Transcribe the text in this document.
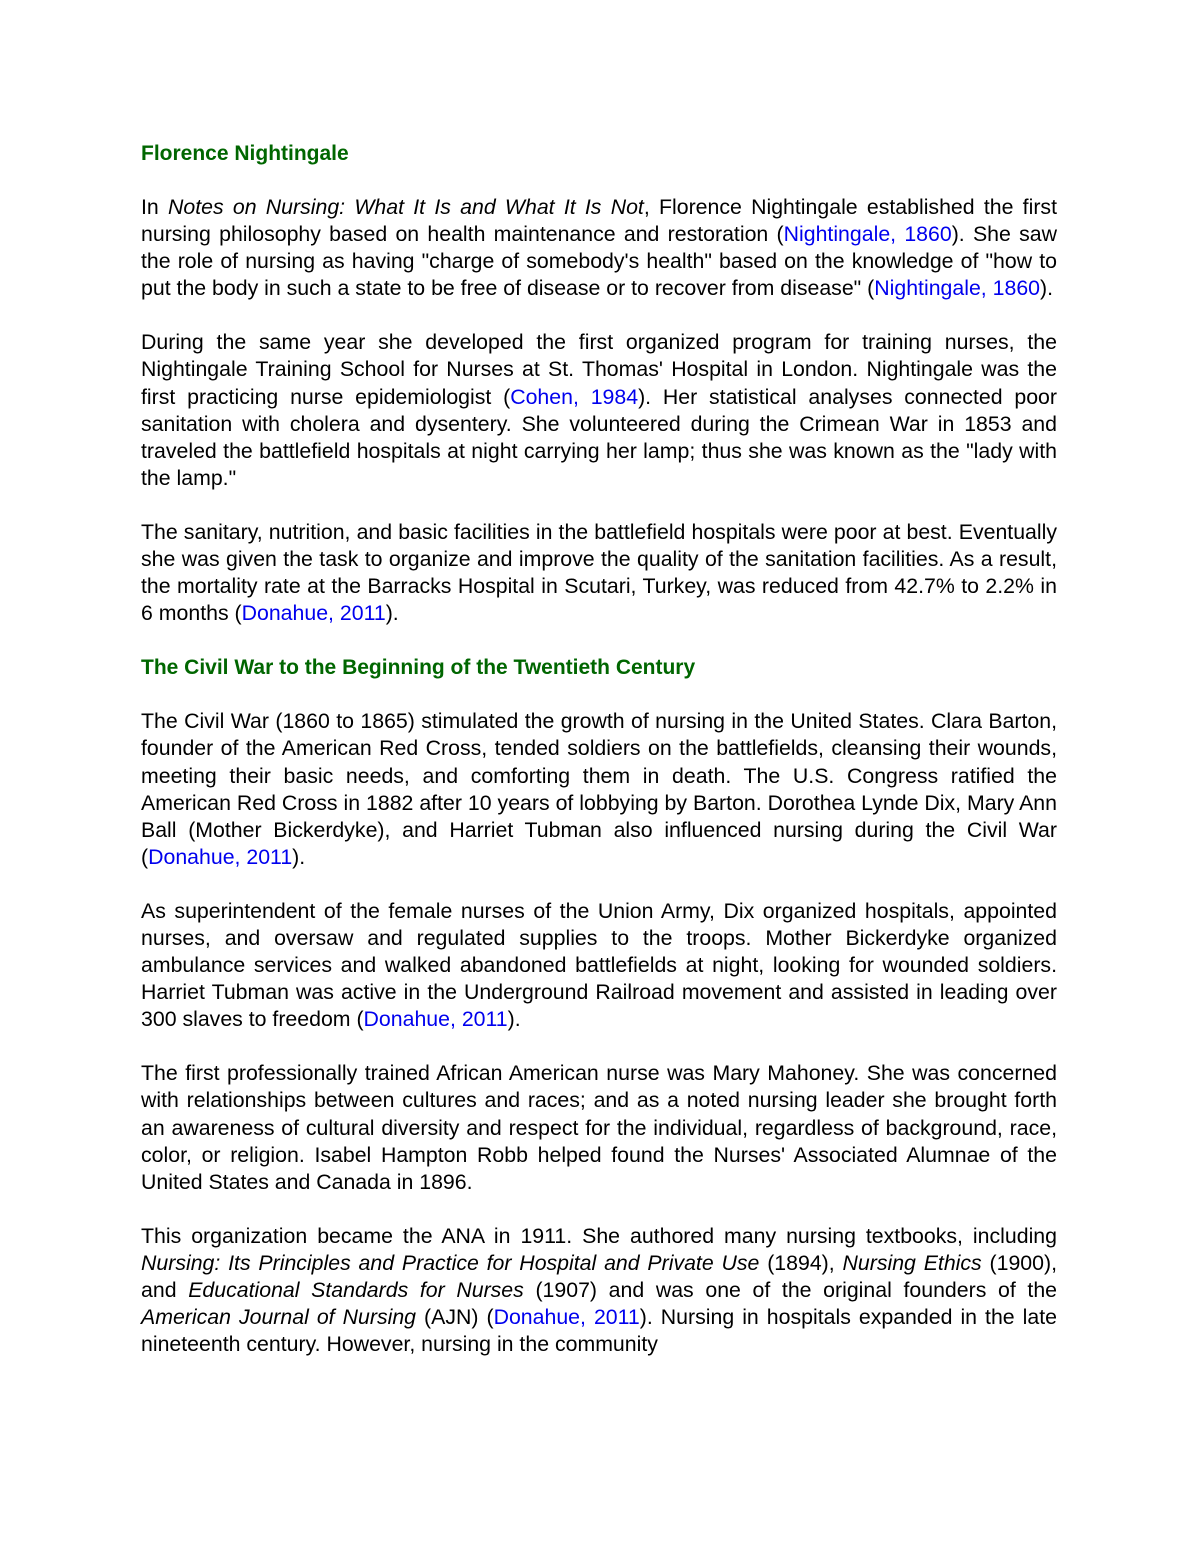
Florence Nightingale

In Notes on Nursing: What It Is and What It Is Not, Florence Nightingale established the first nursing philosophy based on health maintenance and restoration (Nightingale, 1860). She saw the role of nursing as having "charge of somebody's health" based on the knowledge of "how to put the body in such a state to be free of disease or to recover from disease" (Nightingale, 1860).

During the same year she developed the first organized program for training nurses, the Nightingale Training School for Nurses at St. Thomas' Hospital in London. Nightingale was the first practicing nurse epidemiologist (Cohen, 1984). Her statistical analyses connected poor sanitation with cholera and dysentery. She volunteered during the Crimean War in 1853 and traveled the battlefield hospitals at night carrying her lamp; thus she was known as the "lady with the lamp."

The sanitary, nutrition, and basic facilities in the battlefield hospitals were poor at best. Eventually she was given the task to organize and improve the quality of the sanitation facilities. As a result, the mortality rate at the Barracks Hospital in Scutari, Turkey, was reduced from 42.7% to 2.2% in 6 months (Donahue, 2011).

The Civil War to the Beginning of the Twentieth Century

The Civil War (1860 to 1865) stimulated the growth of nursing in the United States. Clara Barton, founder of the American Red Cross, tended soldiers on the battlefields, cleansing their wounds, meeting their basic needs, and comforting them in death. The U.S. Congress ratified the American Red Cross in 1882 after 10 years of lobbying by Barton. Dorothea Lynde Dix, Mary Ann Ball (Mother Bickerdyke), and Harriet Tubman also influenced nursing during the Civil War (Donahue, 2011).

As superintendent of the female nurses of the Union Army, Dix organized hospitals, appointed nurses, and oversaw and regulated supplies to the troops. Mother Bickerdyke organized ambulance services and walked abandoned battlefields at night, looking for wounded soldiers. Harriet Tubman was active in the Underground Railroad movement and assisted in leading over 300 slaves to freedom (Donahue, 2011).

The first professionally trained African American nurse was Mary Mahoney. She was concerned with relationships between cultures and races; and as a noted nursing leader she brought forth an awareness of cultural diversity and respect for the individual, regardless of background, race, color, or religion. Isabel Hampton Robb helped found the Nurses' Associated Alumnae of the United States and Canada in 1896.

This organization became the ANA in 1911. She authored many nursing textbooks, including Nursing: Its Principles and Practice for Hospital and Private Use (1894), Nursing Ethics (1900), and Educational Standards for Nurses (1907) and was one of the original founders of the American Journal of Nursing (AJN) (Donahue, 2011). Nursing in hospitals expanded in the late nineteenth century. However, nursing in the community
